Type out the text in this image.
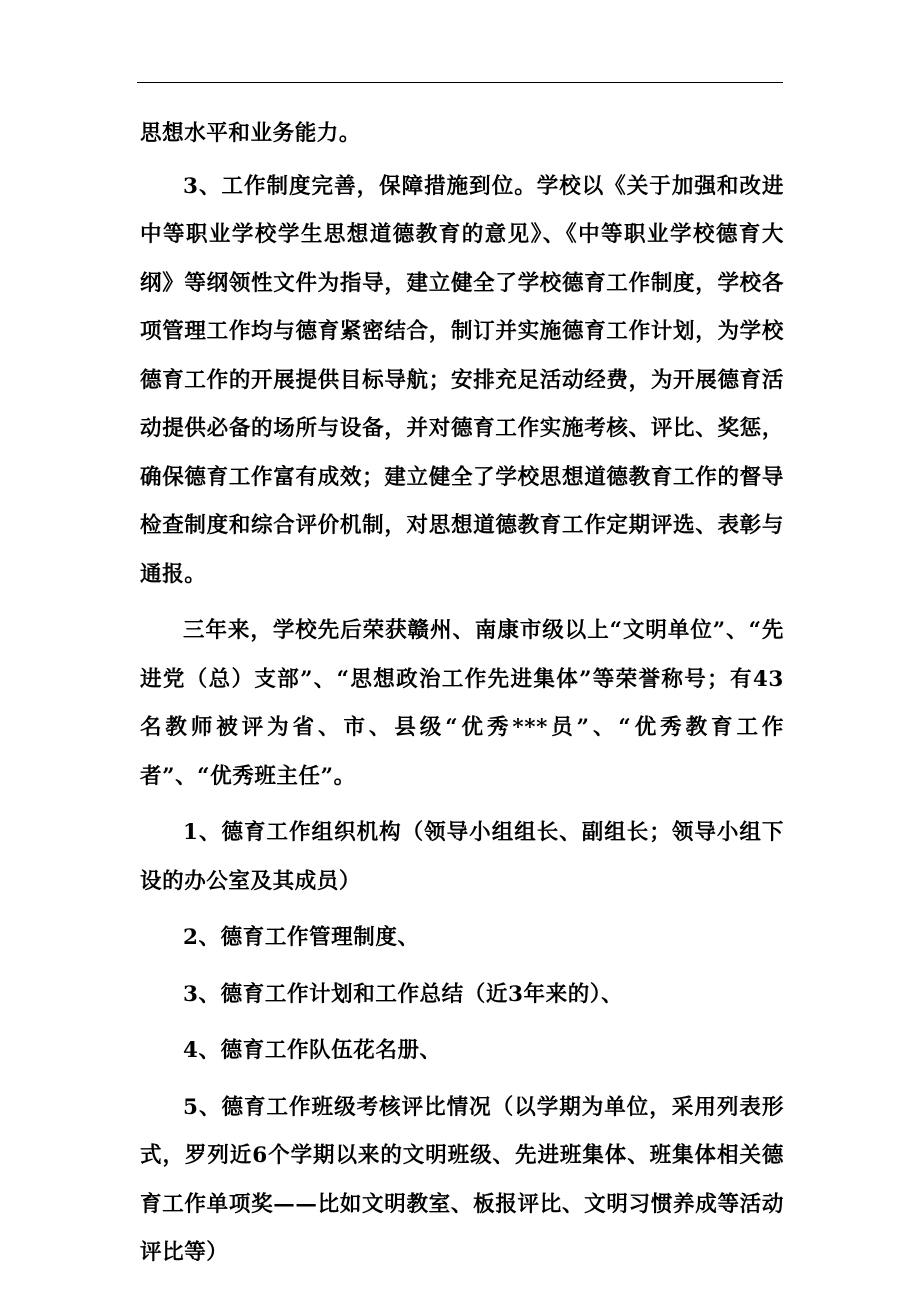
思想水平和业务能力。

3、工作制度完善，保障措施到位。学校以《关于加强和改进中等职业学校学生思想道德教育的意见》、《中等职业学校德育大纲》等纲领性文件为指导，建立健全了学校德育工作制度，学校各项管理工作均与德育紧密结合，制订并实施德育工作计划，为学校德育工作的开展提供目标导航；安排充足活动经费，为开展德育活动提供必备的场所与设备，并对德育工作实施考核、评比、奖惩，确保德育工作富有成效；建立健全了学校思想道德教育工作的督导检查制度和综合评价机制，对思想道德教育工作定期评选、表彰与通报。

三年来，学校先后荣获赣州、南康市级以上“文明单位”、“先进党（总）支部”、“思想政治工作先进集体”等荣誉称号；有43名教师被评为省、市、县级“优秀***员”、“优秀教育工作者”、“优秀班主任”。

1、德育工作组织机构（领导小组组长、副组长；领导小组下设的办公室及其成员）

2、德育工作管理制度、

3、德育工作计划和工作总结（近3年来的）、

4、德育工作队伍花名册、

5、德育工作班级考核评比情况（以学期为单位，采用列表形式，罗列近6个学期以来的文明班级、先进班集体、班集体相关德育工作单项奖——比如文明教室、板报评比、文明习惯养成等活动评比等）
